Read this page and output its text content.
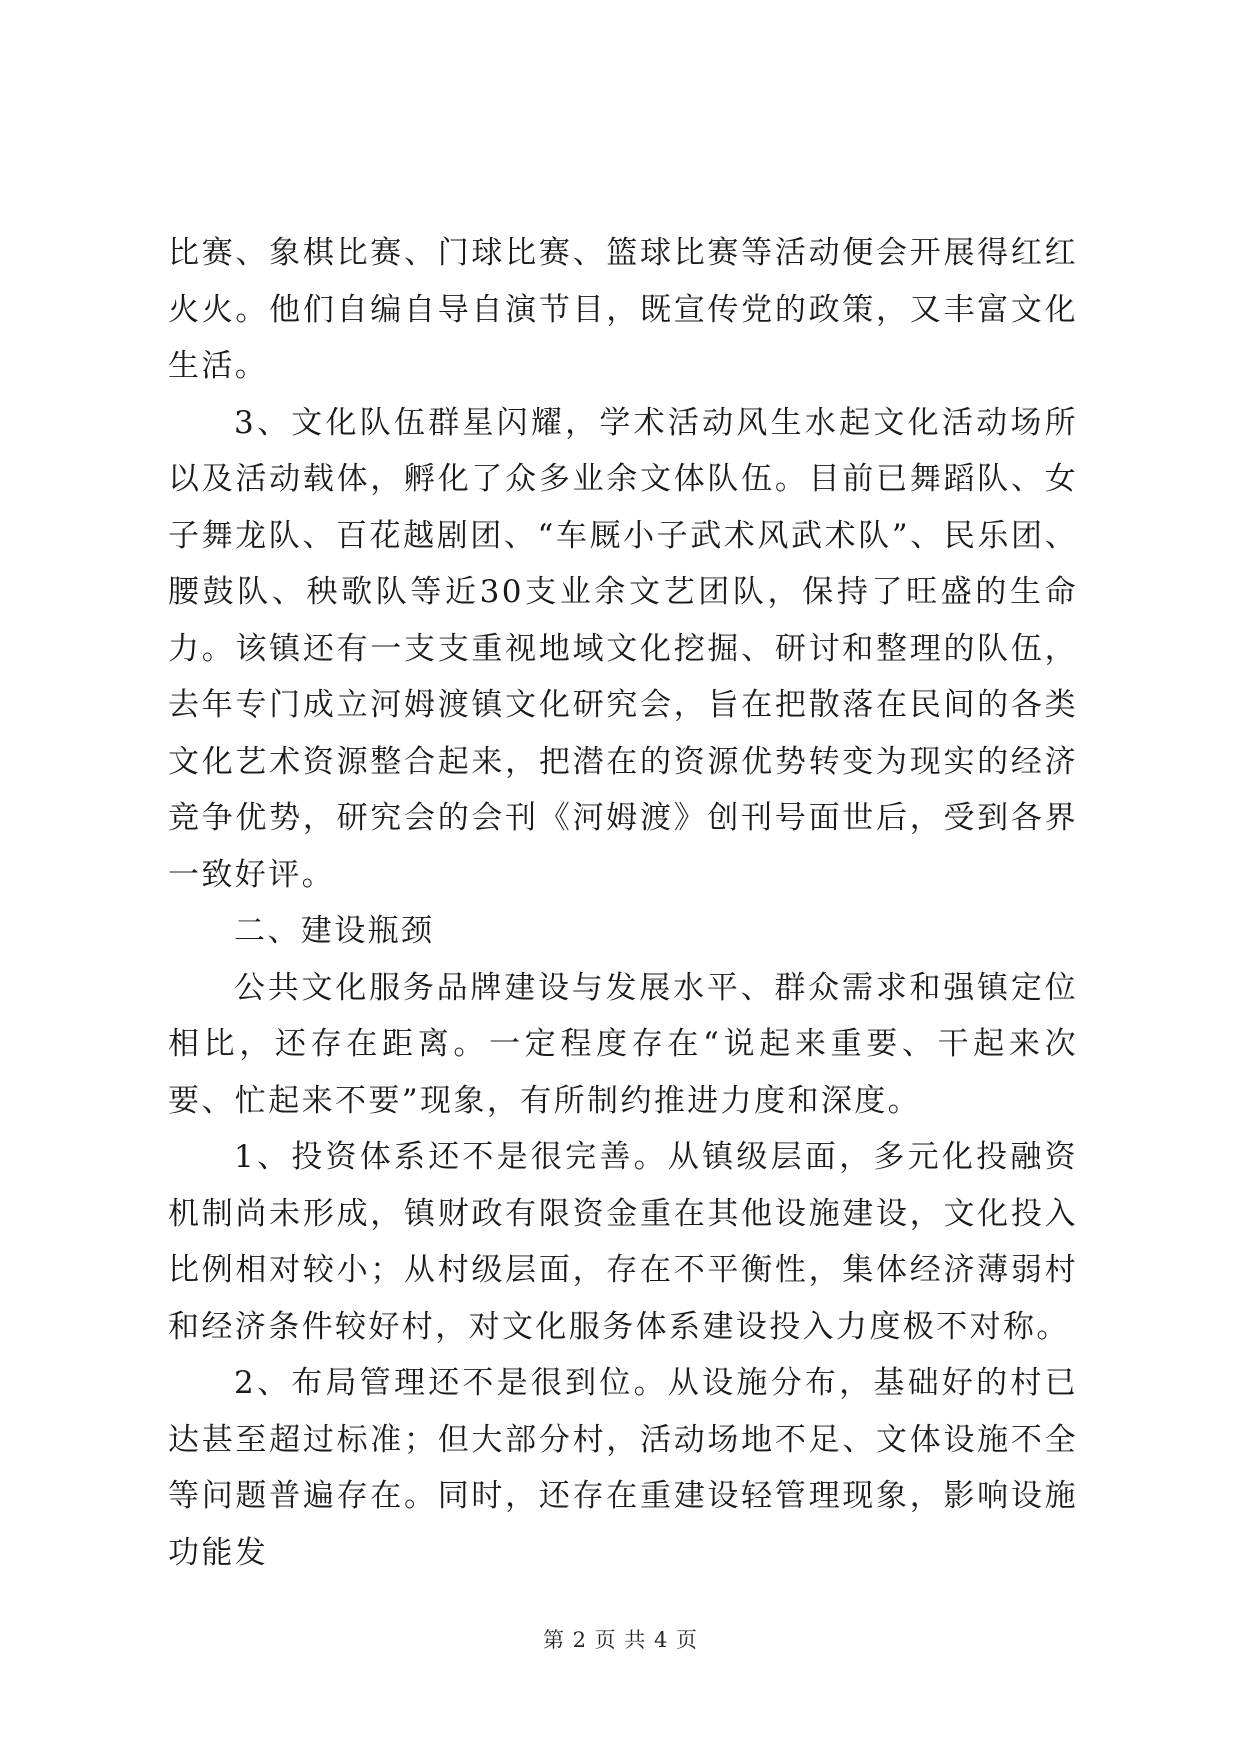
比赛、象棋比赛、门球比赛、篮球比赛等活动便会开展得红红火火。他们自编自导自演节目，既宣传党的政策，又丰富文化生活。

3、文化队伍群星闪耀，学术活动风生水起文化活动场所以及活动载体，孵化了众多业余文体队伍。目前已舞蹈队、女子舞龙队、百花越剧团、“车厩小子武术风武术队”、民乐团、腰鼓队、秧歌队等近30支业余文艺团队，保持了旺盛的生命力。该镇还有一支支重视地域文化挖掘、研讨和整理的队伍，去年专门成立河姆渡镇文化研究会，旨在把散落在民间的各类文化艺术资源整合起来，把潜在的资源优势转变为现实的经济竞争优势，研究会的会刊《河姆渡》创刊号面世后，受到各界一致好评。

二、建设瓶颈

公共文化服务品牌建设与发展水平、群众需求和强镇定位相比，还存在距离。一定程度存在“说起来重要、干起来次要、忙起来不要”现象，有所制约推进力度和深度。

1、投资体系还不是很完善。从镇级层面，多元化投融资机制尚未形成，镇财政有限资金重在其他设施建设，文化投入比例相对较小；从村级层面，存在不平衡性，集体经济薄弱村和经济条件较好村，对文化服务体系建设投入力度极不对称。

2、布局管理还不是很到位。从设施分布，基础好的村已达甚至超过标准；但大部分村，活动场地不足、文体设施不全等问题普遍存在。同时，还存在重建设轻管理现象，影响设施功能发

第 2 页 共 4 页
